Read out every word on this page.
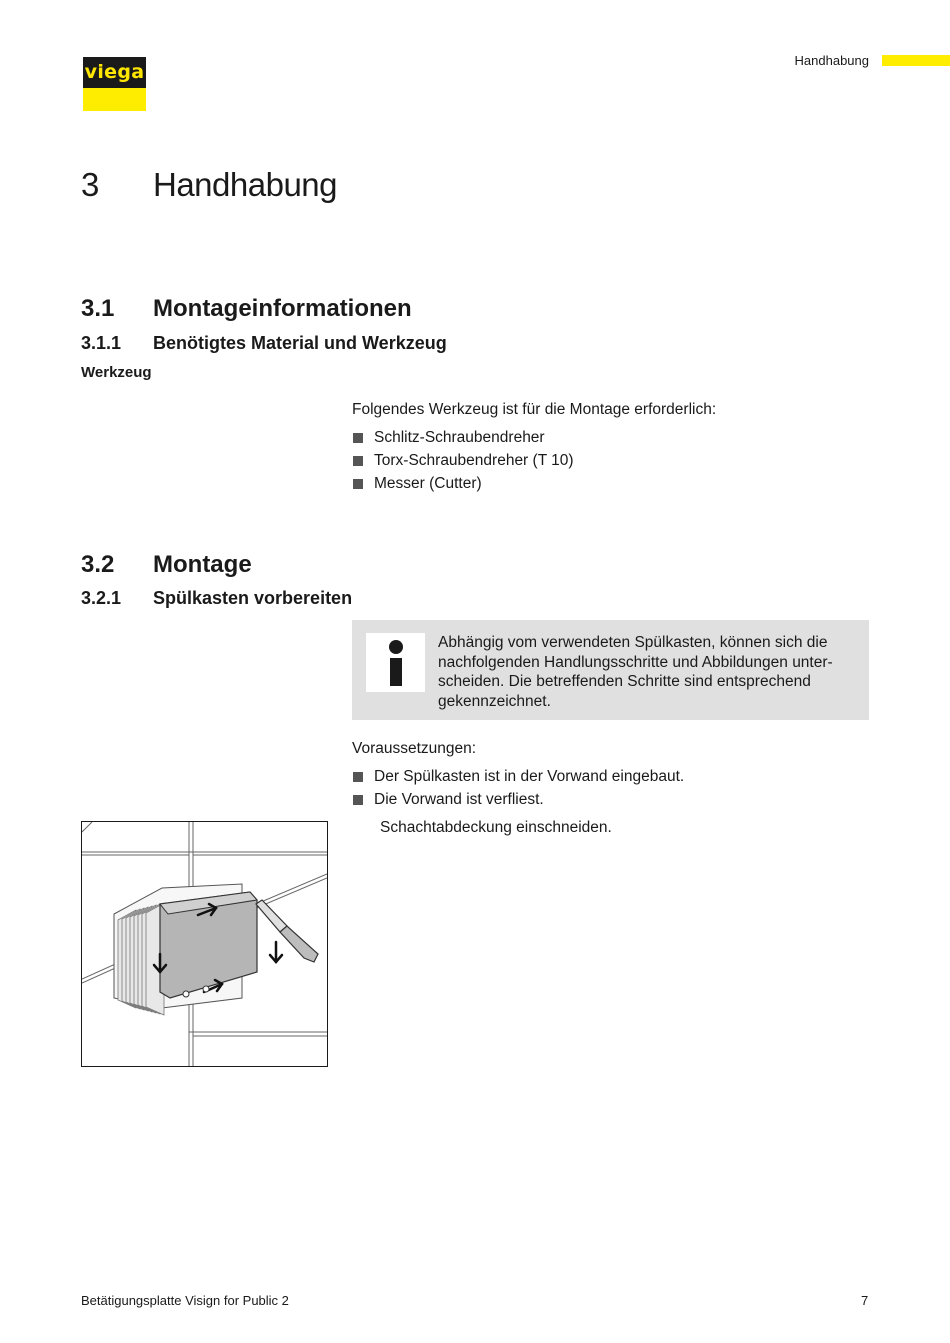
viega
Handhabung
3 Handhabung
3.1 Montageinformationen
3.1.1 Benötigtes Material und Werkzeug
Werkzeug
Folgendes Werkzeug ist für die Montage erforderlich:
Schlitz-Schraubendreher
Torx-Schraubendreher (T 10)
Messer (Cutter)
3.2 Montage
3.2.1 Spülkasten vorbereiten
Abhängig vom verwendeten Spülkasten, können sich die
nachfolgenden Handlungsschritte und Abbildungen unter-
scheiden. Die betreffenden Schritte sind entsprechend
gekennzeichnet.
Voraussetzungen:
Der Spülkasten ist in der Vorwand eingebaut.
Die Vorwand ist verfliest.
Schachtabdeckung einschneiden.
Betätigungsplatte Visign for Public 2	7
